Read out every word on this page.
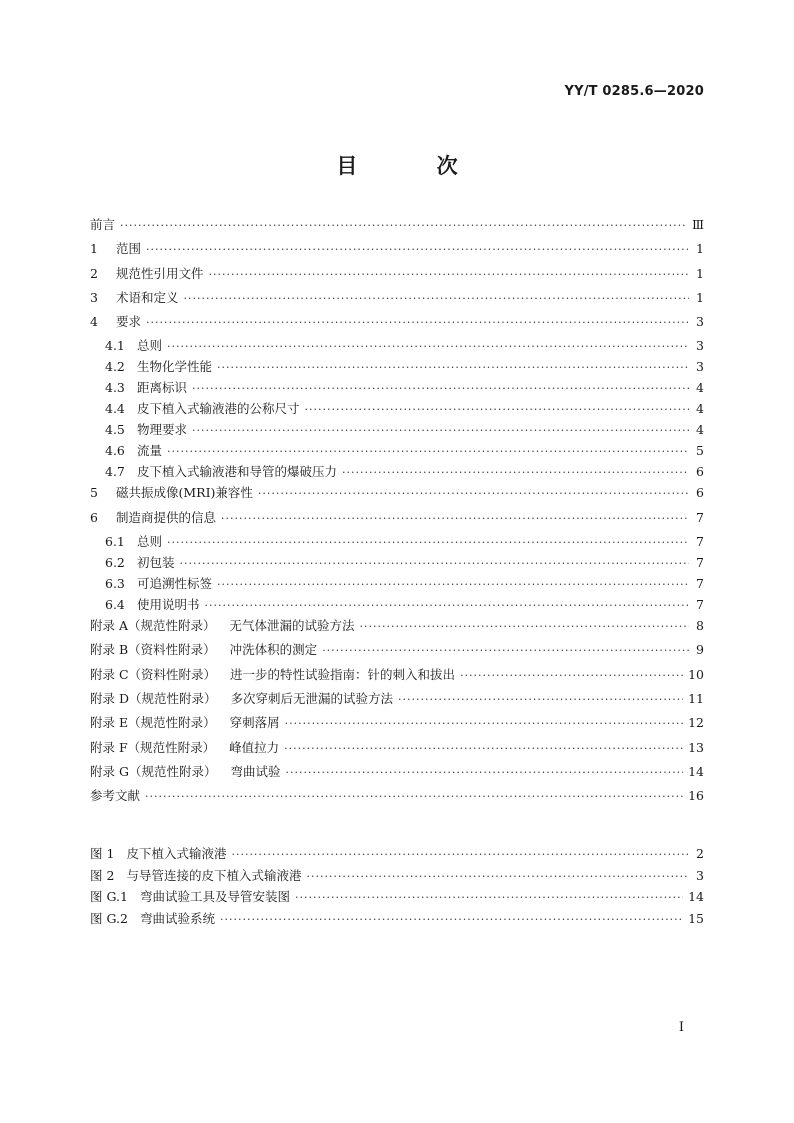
YY/T 0285.6—2020
目 次
前言 ·····	Ⅲ
1	范围 ·····	1
2	规范性引用文件 ·····	1
3	术语和定义 ·····	1
4	要求 ·····	3
4.1 总则 ·····	3
4.2 生物化学性能 ·····	3
4.3 距离标识 ·····	4
4.4 皮下植入式输液港的公称尺寸 ·····	4
4.5 物理要求 ·····	4
4.6 流量 ·····	5
4.7 皮下植入式输液港和导管的爆破压力 ·····	6
5	磁共振成像(MRI)兼容性 ·····	6
6	制造商提供的信息 ·····	7
6.1 总则 ·····	7
6.2 初包装 ·····	7
6.3 可追溯性标签 ·····	7
6.4 使用说明书 ·····	7
附录 A（规范性附录） 无气体泄漏的试验方法 ·····	8
附录 B（资料性附录） 冲洗体积的测定 ·····	9
附录 C（资料性附录） 进一步的特性试验指南：针的刺入和拔出 ·····	10
附录 D（规范性附录） 多次穿刺后无泄漏的试验方法 ·····	11
附录 E（规范性附录） 穿刺落屑 ·····	12
附录 F（规范性附录） 峰值拉力 ·····	13
附录 G（规范性附录） 弯曲试验 ·····	14
参考文献 ·····	16
图 1 皮下植入式输液港 ·····	2
图 2 与导管连接的皮下植入式输液港 ·····	3
图 G.1 弯曲试验工具及导管安装图 ·····	14
图 G.2 弯曲试验系统 ·····	15
I
